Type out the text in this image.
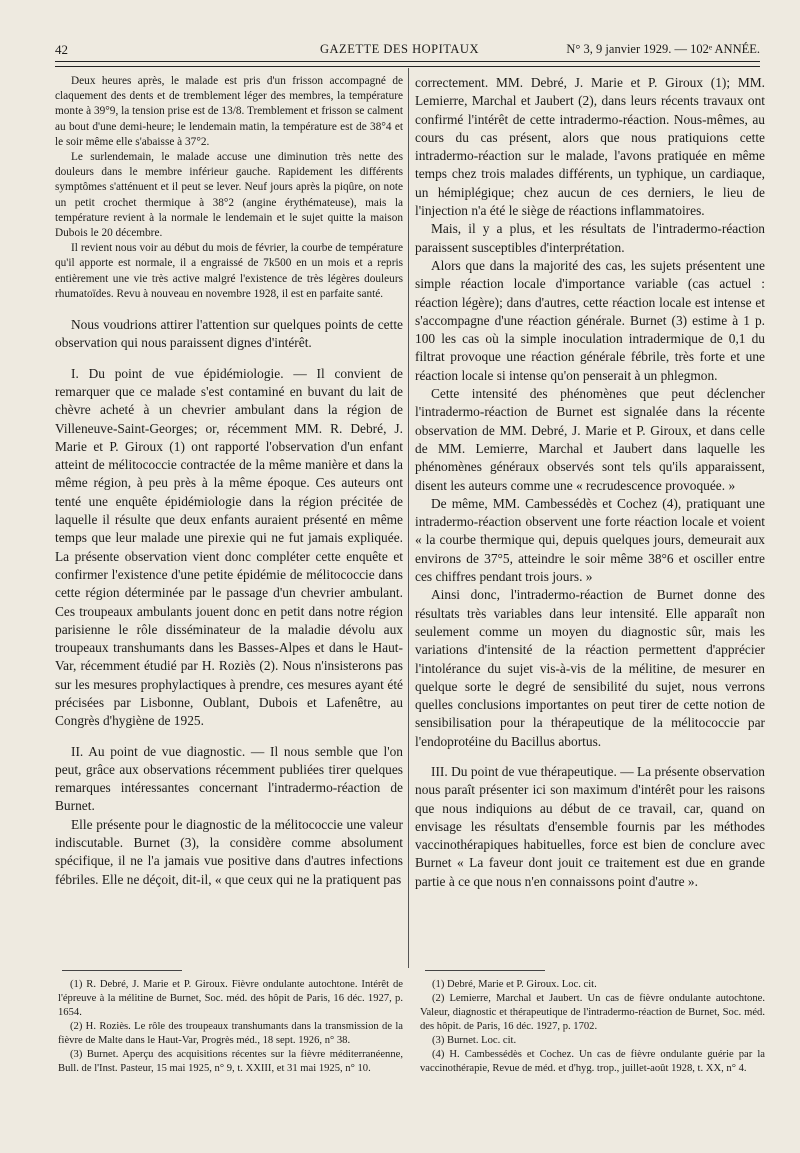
42	GAZETTE DES HOPITAUX	N° 3, 9 janvier 1929. — 102ᵉ ANNÉE.

Deux heures après, le malade est pris d'un frisson accompagné de claquement des dents et de tremblement léger des membres, la température monte à 39°9, la tension prise est de 13/8. Tremblement et frisson se calment au bout d'une demi-heure; le lendemain matin, la température est de 38°4 et le soir même elle s'abaisse à 37°2.

Le surlendemain, le malade accuse une diminution très nette des douleurs dans le membre inférieur gauche. Rapidement les différents symptômes s'atténuent et il peut se lever. Neuf jours après la piqûre, on note un petit crochet thermique à 38°2 (angine érythémateuse), mais la température revient à la normale le lendemain et le sujet quitte la maison Dubois le 20 décembre.

Il revient nous voir au début du mois de février, la courbe de température qu'il apporte est normale, il a engraissé de 7k500 en un mois et a repris entièrement une vie très active malgré l'existence de très légères douleurs rhumatoïdes. Revu à nouveau en novembre 1928, il est en parfaite santé.

Nous voudrions attirer l'attention sur quelques points de cette observation qui nous paraissent dignes d'intérêt.

I. Du point de vue épidémiologie. — Il convient de remarquer que ce malade s'est contaminé en buvant du lait de chèvre acheté à un chevrier ambulant dans la région de Villeneuve-Saint-Georges; or, récemment MM. R. Debré, J. Marie et P. Giroux (1) ont rapporté l'observation d'un enfant atteint de mélitococcie contractée de la même manière et dans la même région, à peu près à la même époque. Ces auteurs ont tenté une enquête épidémiologie dans la région précitée de laquelle il résulte que deux enfants auraient présenté en même temps que leur malade une pirexie qui ne fut jamais expliquée. La présente observation vient donc compléter cette enquête et confirmer l'existence d'une petite épidémie de mélitococcie dans cette région déterminée par le passage d'un chevrier ambulant. Ces troupeaux ambulants jouent donc en petit dans notre région parisienne le rôle disséminateur de la maladie dévolu aux troupeaux transhumants dans les Basses-Alpes et dans le Haut-Var, récemment étudié par H. Roziès (2). Nous n'insisterons pas sur les mesures prophylactiques à prendre, ces mesures ayant été précisées par Lisbonne, Oublant, Dubois et Lafenêtre, au Congrès d'hygiène de 1925.

II. Au point de vue diagnostic. — Il nous semble que l'on peut, grâce aux observations récemment publiées tirer quelques remarques intéressantes concernant l'intradermo-réaction de Burnet.

Elle présente pour le diagnostic de la mélitococcie une valeur indiscutable. Burnet (3), la considère comme absolument spécifique, il ne l'a jamais vue positive dans d'autres infections fébriles. Elle ne déçoit, dit-il, « que ceux qui ne la pratiquent pas

correctement. MM. Debré, J. Marie et P. Giroux (1); MM. Lemierre, Marchal et Jaubert (2), dans leurs récents travaux ont confirmé l'intérêt de cette intradermo-réaction. Nous-mêmes, au cours du cas présent, alors que nous pratiquions cette intradermo-réaction sur le malade, l'avons pratiquée en même temps chez trois malades différents, un typhique, un cardiaque, un hémiplégique; chez aucun de ces derniers, le lieu de l'injection n'a été le siège de réactions inflammatoires.

Mais, il y a plus, et les résultats de l'intradermo-réaction paraissent susceptibles d'interprétation.

Alors que dans la majorité des cas, les sujets présentent une simple réaction locale d'importance variable (cas actuel : réaction légère); dans d'autres, cette réaction locale est intense et s'accompagne d'une réaction générale. Burnet (3) estime à 1 p. 100 les cas où la simple inoculation intradermique de 0,1 du filtrat provoque une réaction générale fébrile, très forte et une réaction locale si intense qu'on penserait à un phlegmon.

Cette intensité des phénomènes que peut déclencher l'intradermo-réaction de Burnet est signalée dans la récente observation de MM. Debré, J. Marie et P. Giroux, et dans celle de MM. Lemierre, Marchal et Jaubert dans laquelle les phénomènes généraux observés sont tels qu'ils apparaissent, disent les auteurs comme une « recrudescence provoquée. »

De même, MM. Cambessédès et Cochez (4), pratiquant une intradermo-réaction observent une forte réaction locale et voient « la courbe thermique qui, depuis quelques jours, demeurait aux environs de 37°5, atteindre le soir même 38°6 et osciller entre ces chiffres pendant trois jours. »

Ainsi donc, l'intradermo-réaction de Burnet donne des résultats très variables dans leur intensité. Elle apparaît non seulement comme un moyen du diagnostic sûr, mais les variations d'intensité de la réaction permettent d'apprécier l'intolérance du sujet vis-à-vis de la mélitine, de mesurer en quelque sorte le degré de sensibilité du sujet, nous verrons quelles conclusions importantes on peut tirer de cette notion de sensibilisation pour la thérapeutique de la mélitococcie par l'endoprotéine du Bacillus abortus.

III. Du point de vue thérapeutique. — La présente observation nous paraît présenter ici son maximum d'intérêt pour les raisons que nous indiquions au début de ce travail, car, quand on envisage les résultats d'ensemble fournis par les méthodes vaccinothérapiques habituelles, force est bien de conclure avec Burnet « La faveur dont jouit ce traitement est due en grande partie à ce que nous n'en connaissons point d'autre ».

(1) R. Debré, J. Marie et P. Giroux. Fièvre ondulante autochtone. Intérêt de l'épreuve à la mélitine de Burnet, Soc. méd. des hôpit de Paris, 16 déc. 1927, p. 1654.

(2) H. Roziès. Le rôle des troupeaux transhumants dans la transmission de la fièvre de Malte dans le Haut-Var, Progrès méd., 18 sept. 1926, n° 38.

(3) Burnet. Aperçu des acquisitions récentes sur la fièvre méditerranéenne, Bull. de l'Inst. Pasteur, 15 mai 1925, n° 9, t. XXIII, et 31 mai 1925, n° 10.

(1) Debré, Marie et P. Giroux. Loc. cit.

(2) Lemierre, Marchal et Jaubert. Un cas de fièvre ondulante autochtone. Valeur, diagnostic et thérapeutique de l'intradermo-réaction de Burnet, Soc. méd. des hôpit. de Paris, 16 déc. 1927, p. 1702.

(3) Burnet. Loc. cit.

(4) H. Cambessédès et Cochez. Un cas de fièvre ondulante guérie par la vaccinothérapie, Revue de méd. et d'hyg. trop., juillet-août 1928, t. XX, n° 4.
